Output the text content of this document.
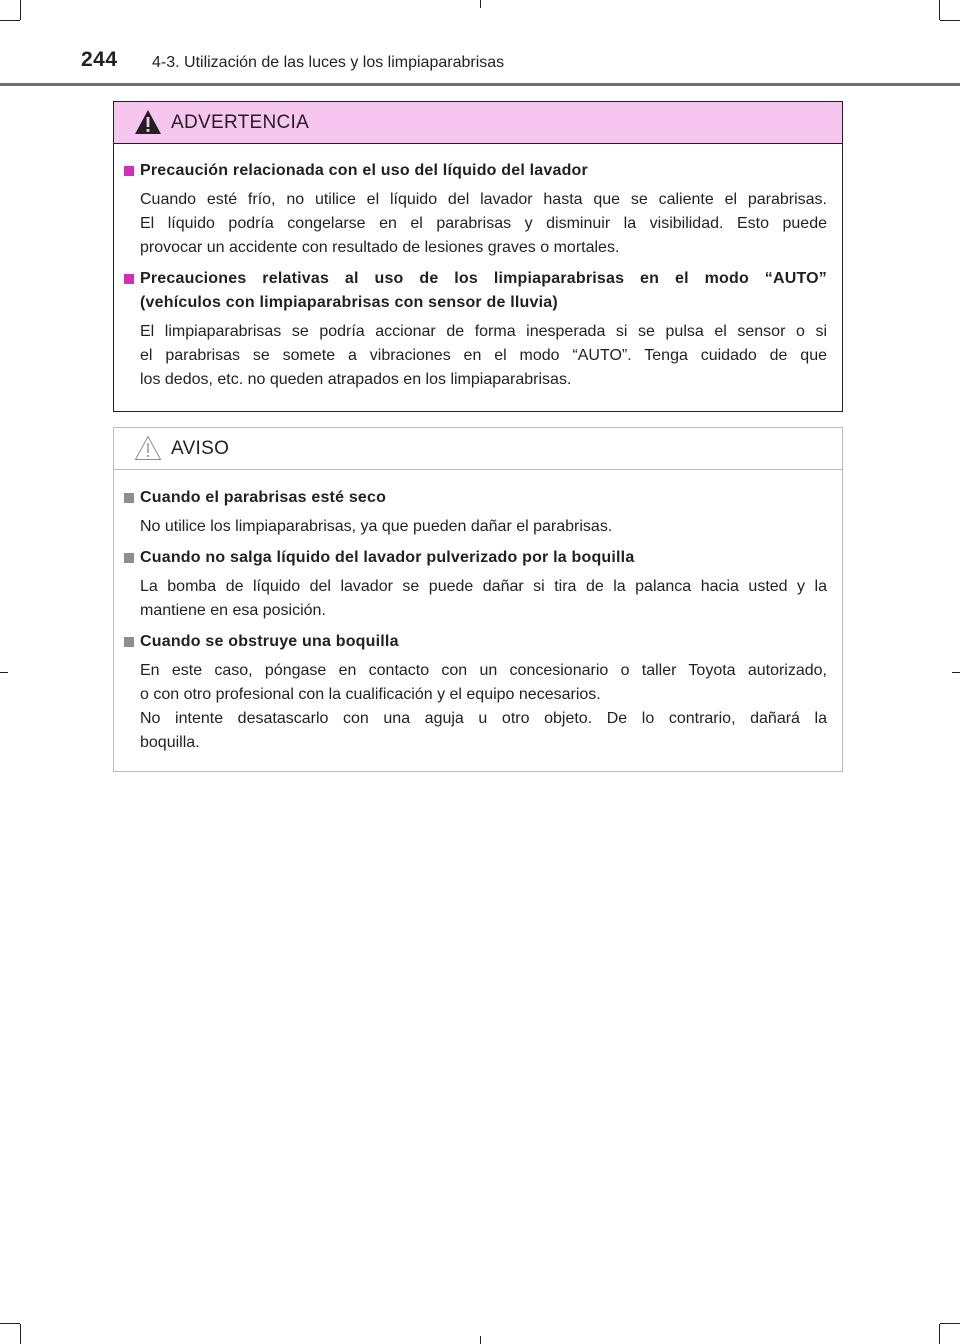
244 4-3. Utilización de las luces y los limpiaparabrisas
ADVERTENCIA
Precaución relacionada con el uso del líquido del lavador
Cuando esté frío, no utilice el líquido del lavador hasta que se caliente el parabrisas.
El líquido podría congelarse en el parabrisas y disminuir la visibilidad. Esto puede
provocar un accidente con resultado de lesiones graves o mortales.
Precauciones relativas al uso de los limpiaparabrisas en el modo “AUTO”
(vehículos con limpiaparabrisas con sensor de lluvia)
El limpiaparabrisas se podría accionar de forma inesperada si se pulsa el sensor o si
el parabrisas se somete a vibraciones en el modo “AUTO”. Tenga cuidado de que
los dedos, etc. no queden atrapados en los limpiaparabrisas.
AVISO
Cuando el parabrisas esté seco
No utilice los limpiaparabrisas, ya que pueden dañar el parabrisas.
Cuando no salga líquido del lavador pulverizado por la boquilla
La bomba de líquido del lavador se puede dañar si tira de la palanca hacia usted y la
mantiene en esa posición.
Cuando se obstruye una boquilla
En este caso, póngase en contacto con un concesionario o taller Toyota autorizado,
o con otro profesional con la cualificación y el equipo necesarios.
No intente desatascarlo con una aguja u otro objeto. De lo contrario, dañará la
boquilla.
